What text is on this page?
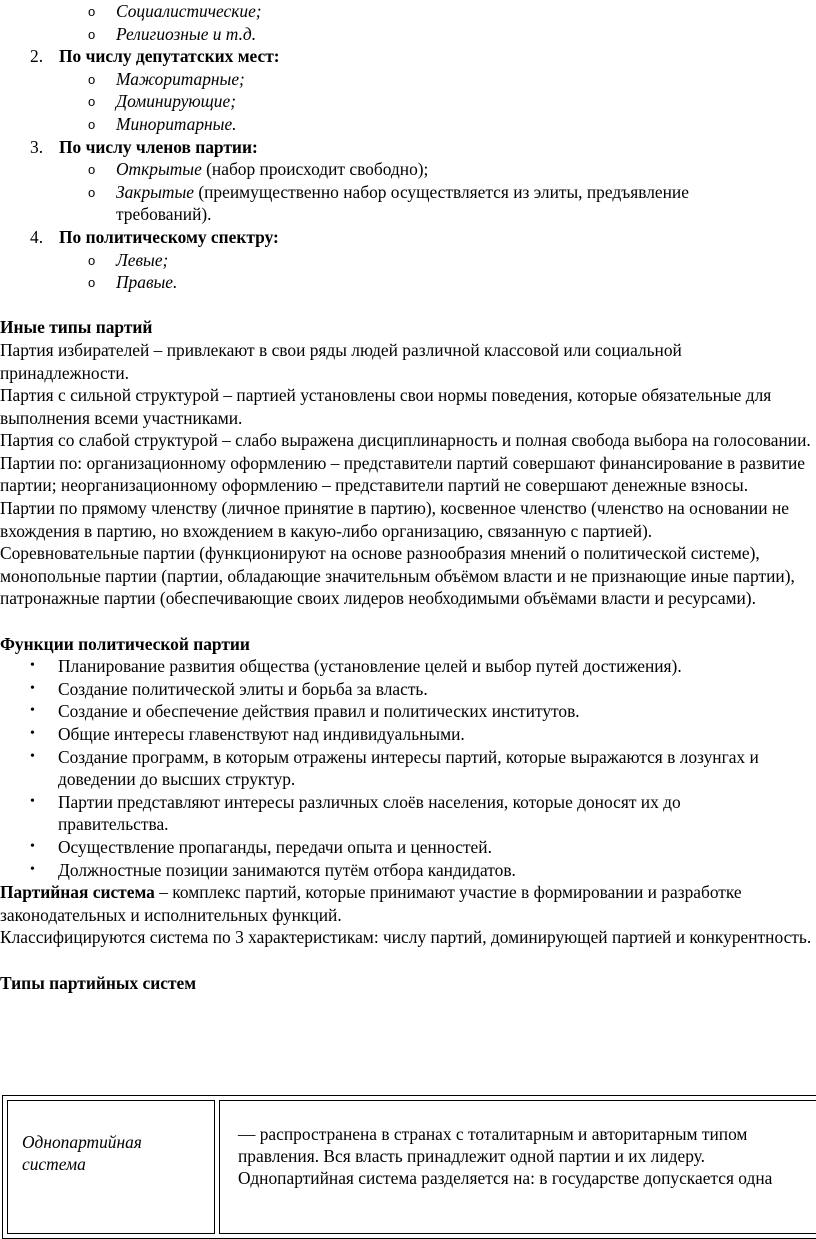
o Социалистические;
o Религиозные и т.д.
2. По числу депутатских мест:
o Мажоритарные;
o Доминирующие;
o Миноритарные.
3. По числу членов партии:
o Открытые (набор происходит свободно);
o Закрытые (преимущественно набор осуществляется из элиты, предъявление требований).
4. По политическому спектру:
o Левые;
o Правые.

Иные типы партий

Партия избирателей – привлекают в свои ряды людей различной классовой или социальной принадлежности.

Партия с сильной структурой – партией установлены свои нормы поведения, которые обязательные для выполнения всеми участниками.

Партия со слабой структурой – слабо выражена дисциплинарность и полная свобода выбора на голосовании.

Партии по: организационному оформлению – представители партий совершают финансирование в развитие партии; неорганизационному оформлению – представители партий не совершают денежные взносы.

Партии по прямому членству (личное принятие в партию), косвенное членство (членство на основании не вхождения в партию, но вхождением в какую-либо организацию, связанную с партией).

Соревновательные партии (функционируют на основе разнообразия мнений о политической системе), монопольные партии (партии, обладающие значительным объёмом власти и не признающие иные партии), патронажные партии (обеспечивающие своих лидеров необходимыми объёмами власти и ресурсами).

Функции политической партии

• Планирование развития общества (установление целей и выбор путей достижения).
• Создание политической элиты и борьба за власть.
• Создание и обеспечение действия правил и политических институтов.
• Общие интересы главенствуют над индивидуальными.
• Создание программ, в которым отражены интересы партий, которые выражаются в лозунгах и доведении до высших структур.
• Партии представляют интересы различных слоёв населения, которые доносят их до правительства.
• Осуществление пропаганды, передачи опыта и ценностей.
• Должностные позиции занимаются путём отбора кандидатов.

Партийная система – комплекс партий, которые принимают участие в формировании и разработке законодательных и исполнительных функций.

Классифицируются система по 3 характеристикам: числу партий, доминирующей партией и конкурентность.

Типы партийных систем

Однопартийная система	
— распространена в странах с тоталитарным и авторитарным типом
правления. Вся власть принадлежит одной партии и их лидеру.
Однопартийная система разделяется на: в государстве допускается одна
